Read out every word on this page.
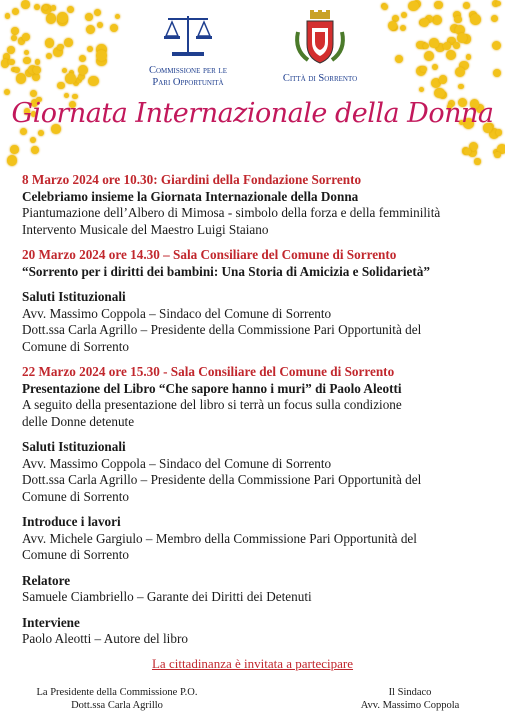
Commissione per le
Pari Opportunità	Città di Sorrento
Giornata Internazionale della Donna
8 Marzo 2024 ore 10.30: Giardini della Fondazione Sorrento
Celebriamo insieme la Giornata Internazionale della Donna
Piantumazione dell’Albero di Mimosa - simbolo della forza e della femminilità
Intervento Musicale del Maestro Luigi Staiano
20 Marzo 2024 ore 14.30 – Sala Consiliare del Comune di Sorrento
“Sorrento per i diritti dei bambini: Una Storia di Amicizia e Solidarietà”
Saluti Istituzionali
Avv. Massimo Coppola – Sindaco del Comune di Sorrento
Dott.ssa Carla Agrillo – Presidente della Commissione Pari Opportunità del
Comune di Sorrento
22 Marzo 2024 ore 15.30 - Sala Consiliare del Comune di Sorrento
Presentazione del Libro “Che sapore hanno i muri” di Paolo Aleotti
A seguito della presentazione del libro si terrà un focus sulla condizione
delle Donne detenute
Saluti Istituzionali
Avv. Massimo Coppola – Sindaco del Comune di Sorrento
Dott.ssa Carla Agrillo – Presidente della Commissione Pari Opportunità del
Comune di Sorrento
Introduce i lavori
Avv. Michele Gargiulo – Membro della Commissione Pari Opportunità del
Comune di Sorrento
Relatore
Samuele Ciambriello – Garante dei Diritti dei Detenuti
Interviene
Paolo Aleotti – Autore del libro
La cittadinanza è invitata a partecipare
La Presidente della Commissione P.O.
Dott.ssa Carla Agrillo
Il Sindaco
Avv. Massimo Coppola
